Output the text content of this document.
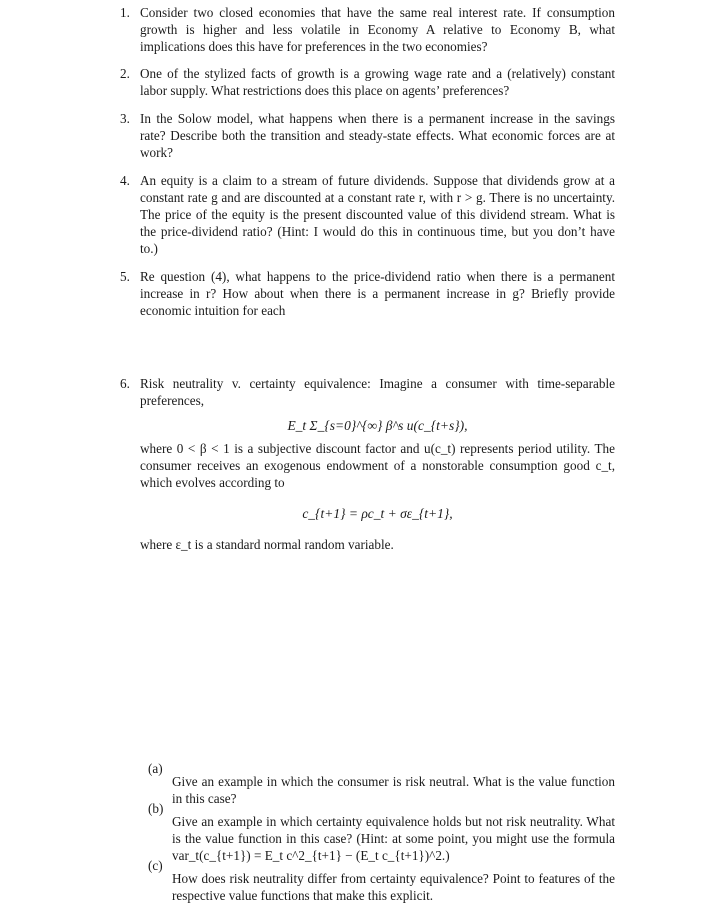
1. Consider two closed economies that have the same real interest rate. If consumption growth is higher and less volatile in Economy A relative to Economy B, what implications does this have for preferences in the two economies?

2. One of the stylized facts of growth is a growing wage rate and a (relatively) constant labor supply. What restrictions does this place on agents’ preferences?

3. In the Solow model, what happens when there is a permanent increase in the savings rate? Describe both the transition and steady-state effects. What economic forces are at work?

4. An equity is a claim to a stream of future dividends. Suppose that dividends grow at a constant rate g and are discounted at a constant rate r, with r > g. There is no uncertainty. The price of the equity is the present discounted value of this dividend stream. What is the price-dividend ratio? (Hint: I would do this in continuous time, but you don’t have to.)

5. Re question (4), what happens to the price-dividend ratio when there is a permanent increase in r? How about when there is a permanent increase in g? Briefly provide economic intuition for each

6. Risk neutrality v. certainty equivalence: Imagine a consumer with time-separable preferences,

E_t Σ_{s=0}^{∞} β^s u(c_{t+s}),

where 0 < β < 1 is a subjective discount factor and u(c_t) represents period utility. The consumer receives an exogenous endowment of a nonstorable consumption good c_t, which evolves according to

c_{t+1} = ρc_t + σε_{t+1},

where ε_t is a standard normal random variable.

(a)

Give an example in which the consumer is risk neutral. What is the value function in this case?

(b)

Give an example in which certainty equivalence holds but not risk neutrality. What is the value function in this case? (Hint: at some point, you might use the formula var_t(c_{t+1}) = E_t c^2_{t+1} − (E_t c_{t+1})^2.)

(c)

How does risk neutrality differ from certainty equivalence? Point to features of the respective value functions that make this explicit.
